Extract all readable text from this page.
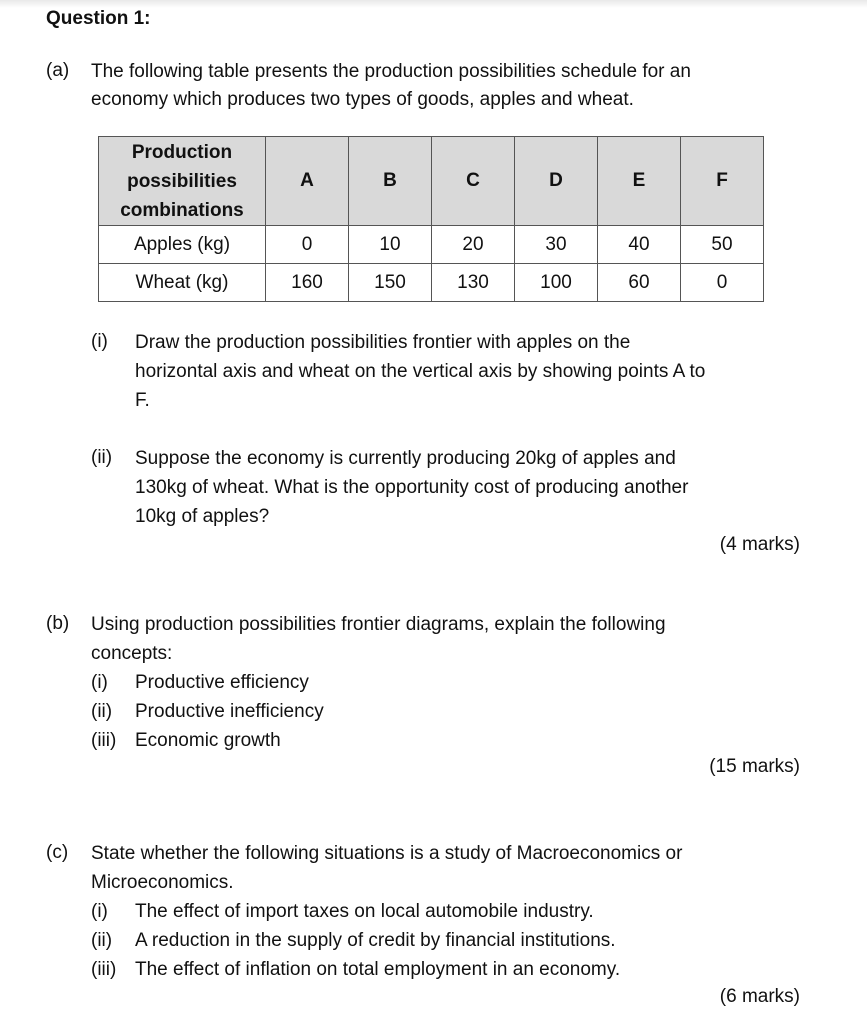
Question 1:
(a)	The following table presents the production possibilities schedule for an
economy which produces two types of goods, apples and wheat.
Production
possibilities
combinations	A	B	C	D	E	F
Apples (kg)	0	10	20	30	40	50
Wheat (kg)	160	150	130	100	60	0
(i)	Draw the production possibilities frontier with apples on the
horizontal axis and wheat on the vertical axis by showing points A to
F.
(ii)	Suppose the economy is currently producing 20kg of apples and
130kg of wheat. What is the opportunity cost of producing another
10kg of apples?
(4 marks)
(b)	Using production possibilities frontier diagrams, explain the following
concepts:
(i) Productive efficiency
(ii) Productive inefficiency
(iii) Economic growth
(15 marks)
(c)	State whether the following situations is a study of Macroeconomics or
Microeconomics.
(i) The effect of import taxes on local automobile industry.
(ii) A reduction in the supply of credit by financial institutions.
(iii) The effect of inflation on total employment in an economy.
(6 marks)
